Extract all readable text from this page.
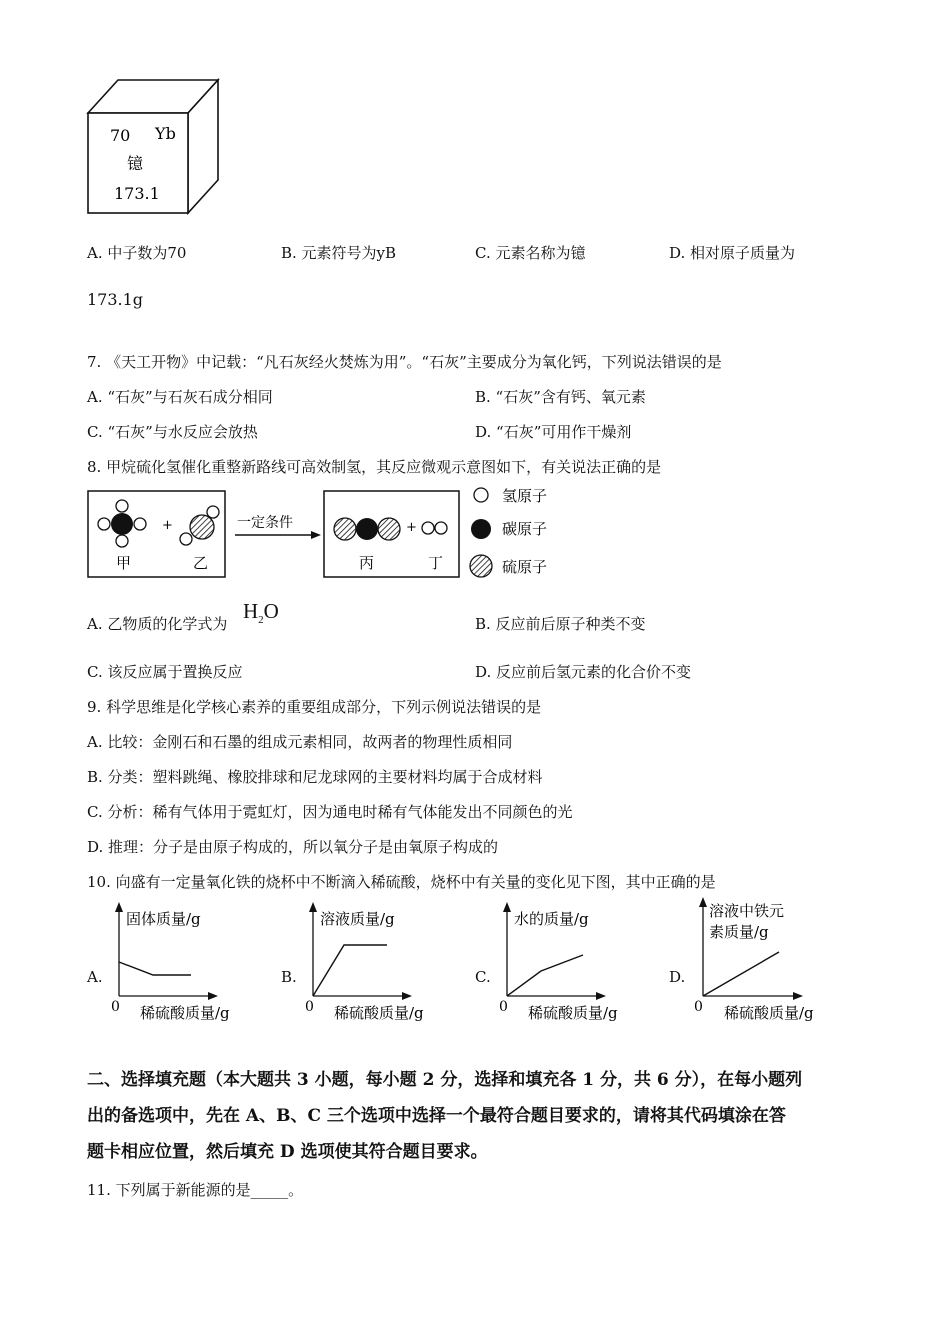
70 Yb
镱
173.1
A. 中子数为70	B. 元素符号为yB	C. 元素名称为镱	D. 相对原子质量为
173.1g
7. 《天工开物》中记载：“凡石灰经火焚炼为用”。“石灰”主要成分为氧化钙，下列说法错误的是
A. “石灰”与石灰石成分相同	B. “石灰”含有钙、氧元素
C. “石灰”与水反应会放热	D. “石灰”可用作干燥剂
8. 甲烷硫化氢催化重整新路线可高效制氢，其反应微观示意图如下，有关说法正确的是
+
甲	乙
一定条件	+
丙	丁
氢原子
碳原子
硫原子
A. 乙物质的化学式为
$H_2O$
B. 反应前后原子种类不变
C. 该反应属于置换反应	D. 反应前后氢元素的化合价不变
9. 科学思维是化学核心素养的重要组成部分，下列示例说法错误的是
A. 比较：金刚石和石墨的组成元素相同，故两者的物理性质相同
B. 分类：塑料跳绳、橡胶排球和尼龙球网的主要材料均属于合成材料
C. 分析：稀有气体用于霓虹灯，因为通电时稀有气体能发出不同颜色的光
D. 推理：分子是由原子构成的，所以氧分子是由氧原子构成的
10. 向盛有一定量氧化铁的烧杯中不断滴入稀硫酸，烧杯中有关量的变化见下图，其中正确的是
A.
固体质量/g
0 稀硫酸质量/g
B.
溶液质量/g
0 稀硫酸质量/g
C.
水的质量/g
0 稀硫酸质量/g
D.
溶液中铁元
素质量/g
0 稀硫酸质量/g
二、选择填充题（本大题共 3 小题，每小题 2 分，选择和填充各 1 分，共 6 分），在每小题列
出的备选项中，先在 A、B、C 三个选项中选择一个最符合题目要求的，请将其代码填涂在答
题卡相应位置，然后填充 D 选项使其符合题目要求。
11. 下列属于新能源的是_____。
